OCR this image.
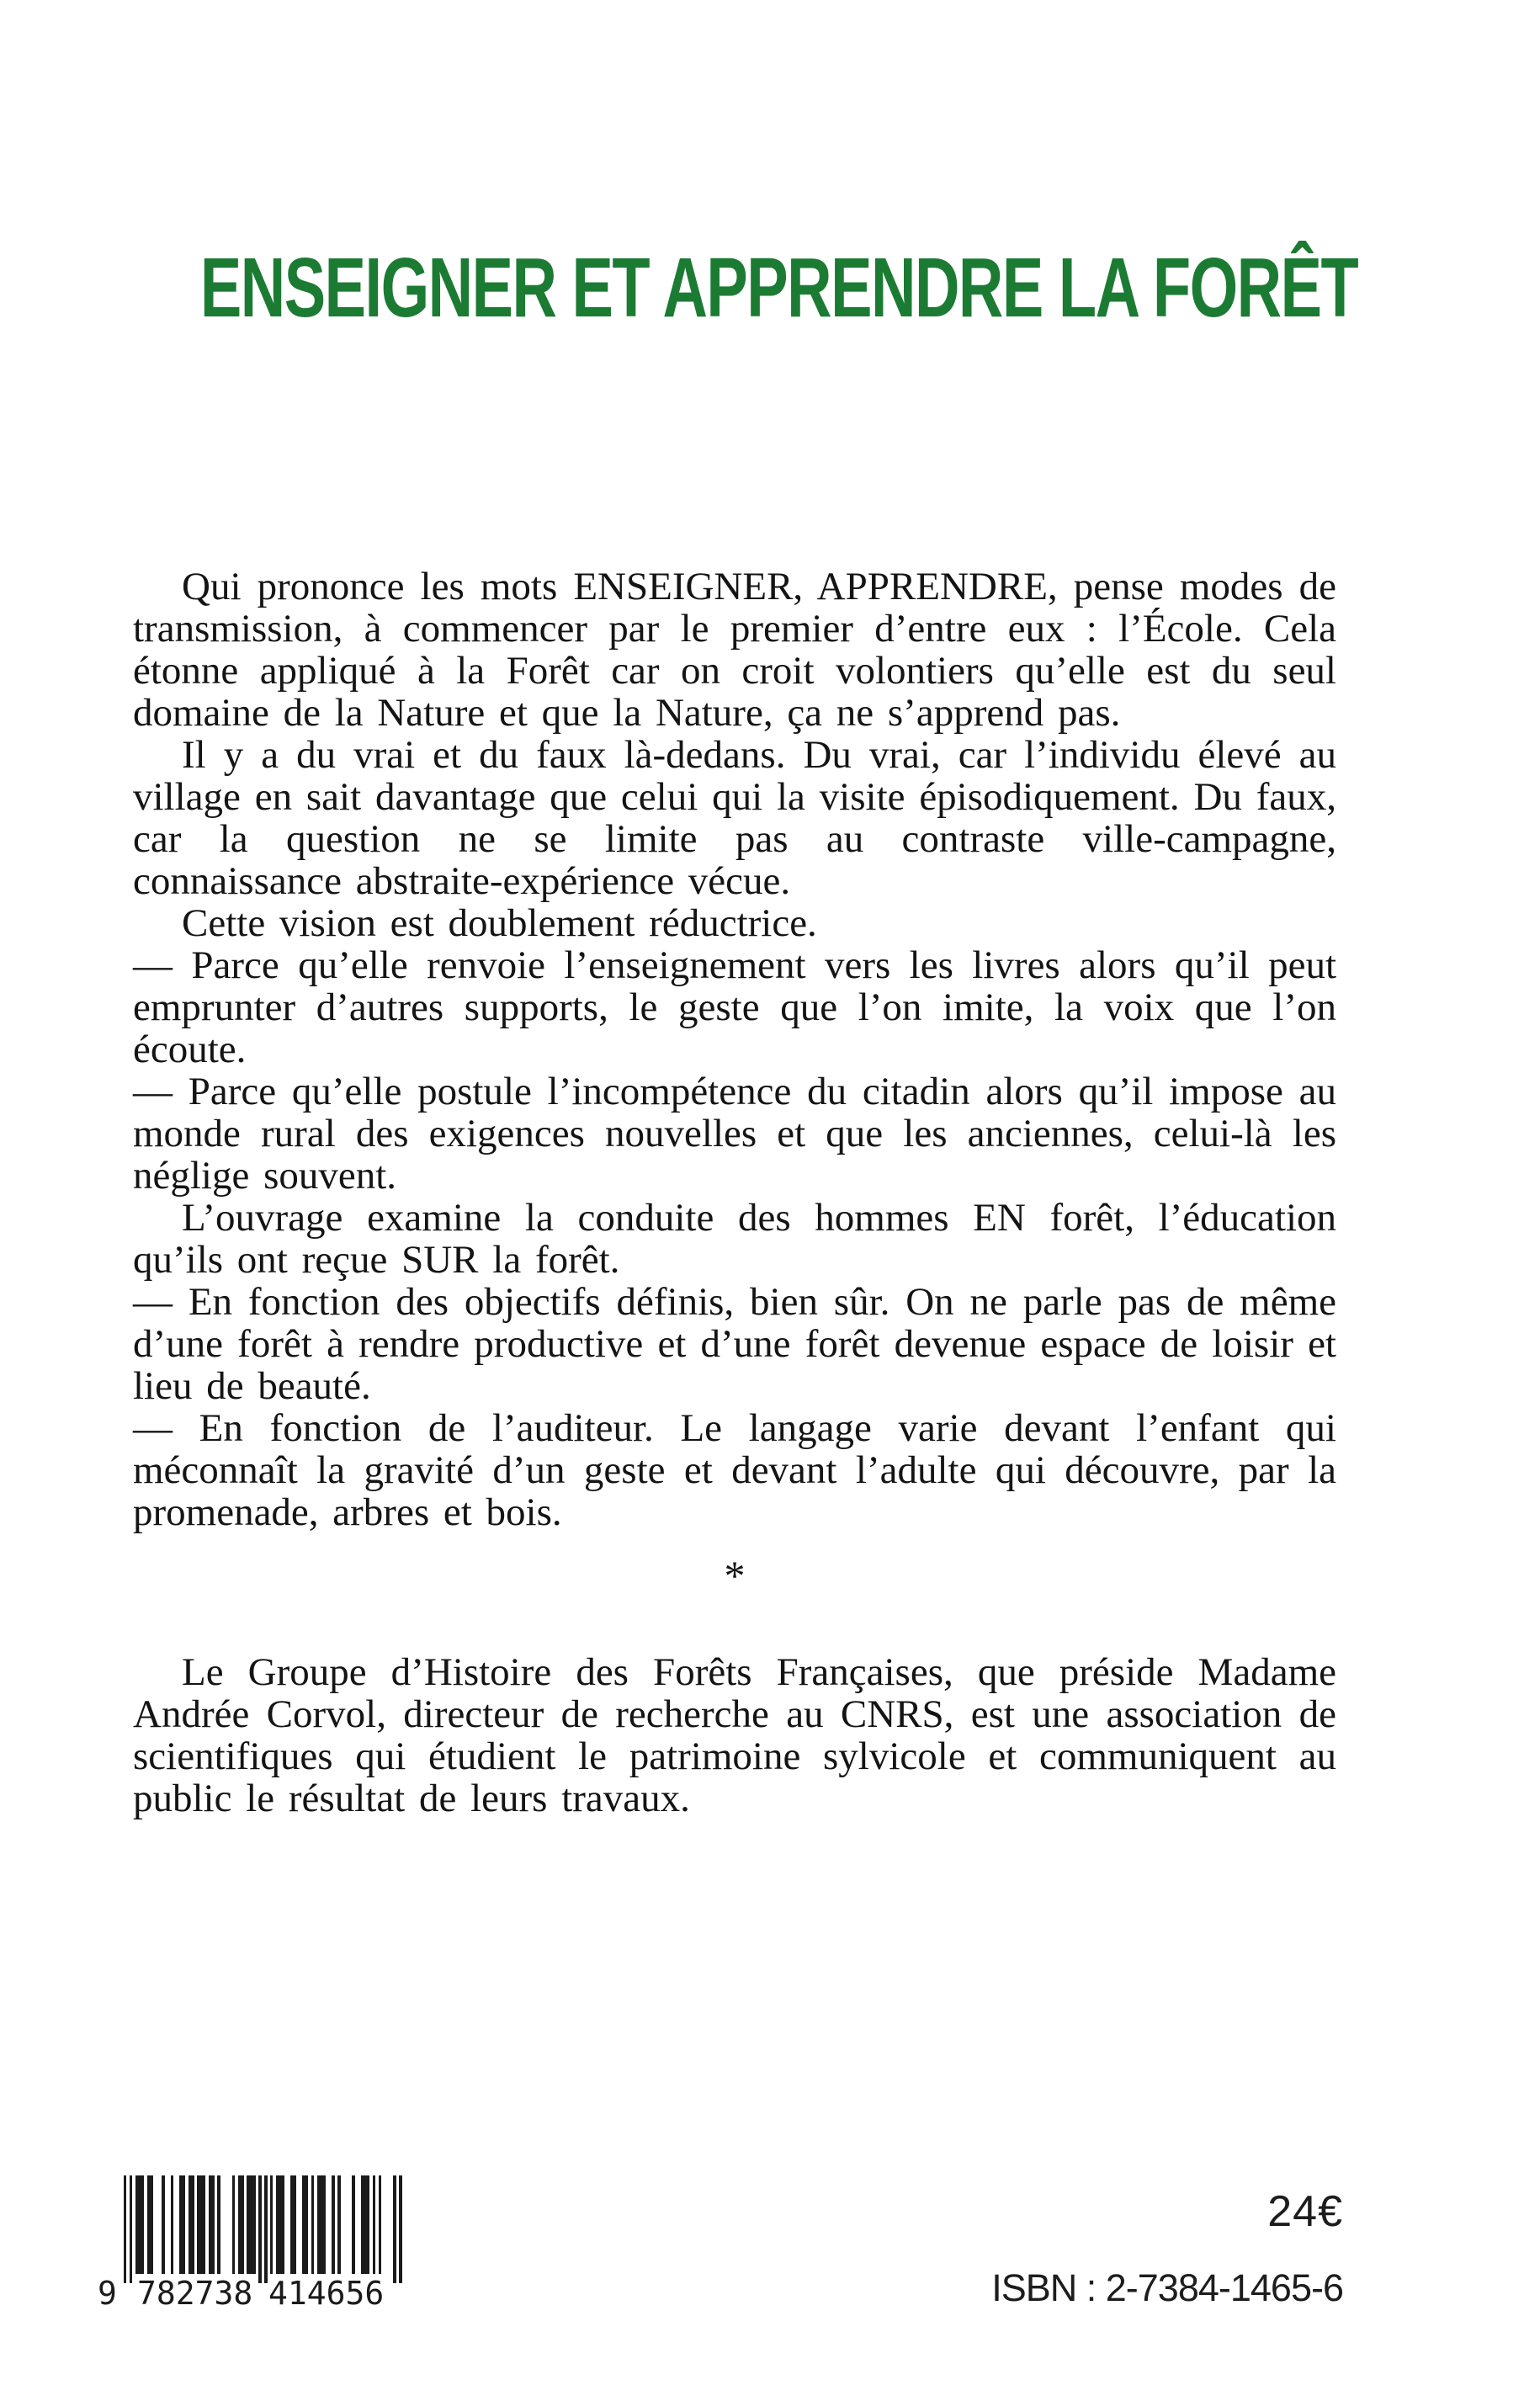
ENSEIGNER ET APPRENDRE LA FORÊT

Qui prononce les mots ENSEIGNER, APPRENDRE, pense modes de transmission, à commencer par le premier d’entre eux : l’École. Cela étonne appliqué à la Forêt car on croit volontiers qu’elle est du seul domaine de la Nature et que la Nature, ça ne s’apprend pas.

Il y a du vrai et du faux là-dedans. Du vrai, car l’individu élevé au village en sait davantage que celui qui la visite épisodiquement. Du faux, car la question ne se limite pas au contraste ville-campagne, connaissance abstraite-expérience vécue.

Cette vision est doublement réductrice.

— Parce qu’elle renvoie l’enseignement vers les livres alors qu’il peut emprunter d’autres supports, le geste que l’on imite, la voix que l’on écoute.

— Parce qu’elle postule l’incompétence du citadin alors qu’il impose au monde rural des exigences nouvelles et que les anciennes, celui-là les néglige souvent.

L’ouvrage examine la conduite des hommes EN forêt, l’éducation qu’ils ont reçue SUR la forêt.

— En fonction des objectifs définis, bien sûr. On ne parle pas de même d’une forêt à rendre productive et d’une forêt devenue espace de loisir et lieu de beauté.

— En fonction de l’auditeur. Le langage varie devant l’enfant qui méconnaît la gravité d’un geste et devant l’adulte qui découvre, par la promenade, arbres et bois.

*

Le Groupe d’Histoire des Forêts Françaises, que préside Madame Andrée Corvol, directeur de recherche au CNRS, est une association de scientifiques qui étudient le patrimoine sylvicole et communiquent au public le résultat de leurs travaux.

9 782738 414656
24€
ISBN : 2-7384-1465-6
